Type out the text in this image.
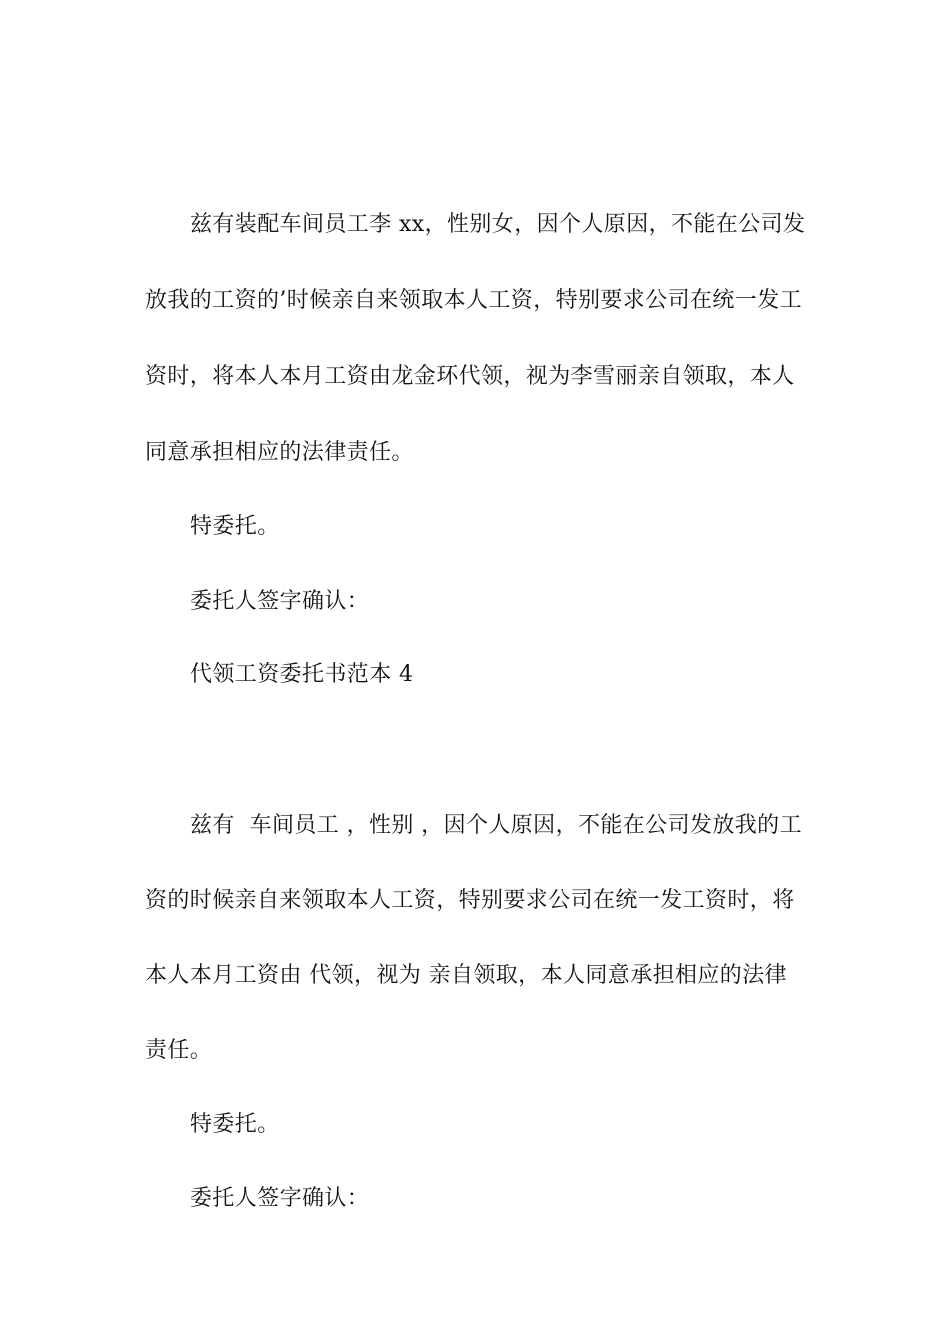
兹有装配车间员工李 xx，性别女，因个人原因，不能在公司发

放我的工资的’时候亲自来领取本人工资，特别要求公司在统一发工

资时，将本人本月工资由龙金环代领，视为李雪丽亲自领取，本人

同意承担相应的法律责任。

特委托。

委托人签字确认：

代领工资委托书范本 4

兹有  车间员工 ，性别 ，因个人原因，不能在公司发放我的工

资的时候亲自来领取本人工资，特别要求公司在统一发工资时，将

本人本月工资由 代领，视为 亲自领取，本人同意承担相应的法律

责任。

特委托。

委托人签字确认：
